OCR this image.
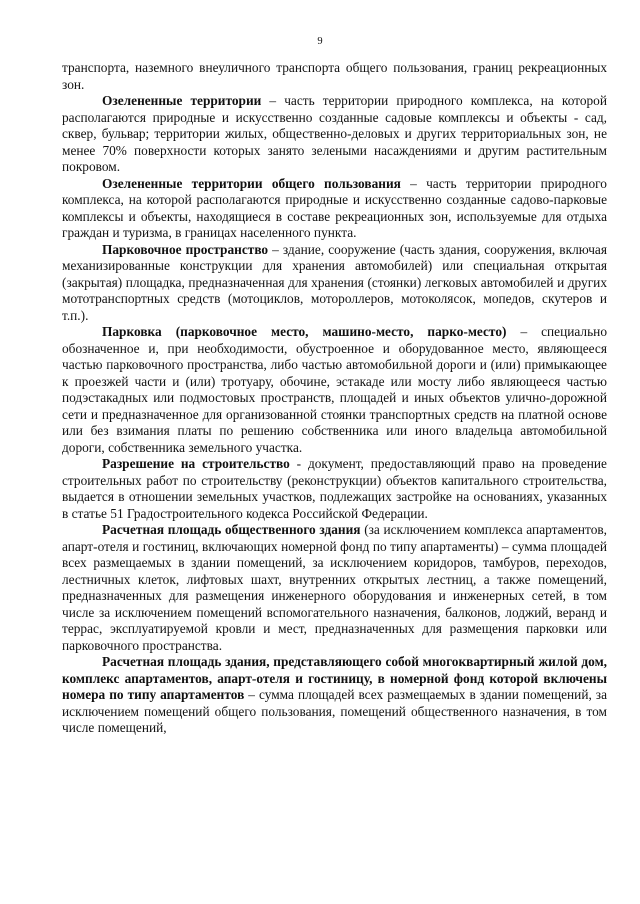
9

транспорта, наземного внеуличного транспорта общего пользования, границ рекреационных зон.

Озелененные территории – часть территории природного комплекса, на которой располагаются природные и искусственно созданные садовые комплексы и объекты - сад, сквер, бульвар; территории жилых, общественно-деловых и других территориальных зон, не менее 70% поверхности которых занято зелеными насаждениями и другим растительным покровом.

Озелененные территории общего пользования – часть территории природного комплекса, на которой располагаются природные и искусственно созданные садово-парковые комплексы и объекты, находящиеся в составе рекреационных зон, используемые для отдыха граждан и туризма, в границах населенного пункта.

Парковочное пространство – здание, сооружение (часть здания, сооружения, включая механизированные конструкции для хранения автомобилей) или специальная открытая (закрытая) площадка, предназначенная для хранения (стоянки) легковых автомобилей и других мототранспортных средств (мотоциклов, мотороллеров, мотоколясок, мопедов, скутеров и т.п.).

Парковка (парковочное место, машино-место, парко-место) – специально обозначенное и, при необходимости, обустроенное и оборудованное место, являющееся частью парковочного пространства, либо частью автомобильной дороги и (или) примыкающее к проезжей части и (или) тротуару, обочине, эстакаде или мосту либо являющееся частью подэстакадных или подмостовых пространств, площадей и иных объектов улично-дорожной сети и предназначенное для организованной стоянки транспортных средств на платной основе или без взимания платы по решению собственника или иного владельца автомобильной дороги, собственника земельного участка.

Разрешение на строительство - документ, предоставляющий право на проведение строительных работ по строительству (реконструкции) объектов капитального строительства, выдается в отношении земельных участков, подлежащих застройке на основаниях, указанных в статье 51 Градостроительного кодекса Российской Федерации.

Расчетная площадь общественного здания (за исключением комплекса апартаментов, апарт-отеля и гостиниц, включающих номерной фонд по типу апартаменты) – сумма площадей всех размещаемых в здании помещений, за исключением коридоров, тамбуров, переходов, лестничных клеток, лифтовых шахт, внутренних открытых лестниц, а также помещений, предназначенных для размещения инженерного оборудования и инженерных сетей, в том числе за исключением помещений вспомогательного назначения, балконов, лоджий, веранд и террас, эксплуатируемой кровли и мест, предназначенных для размещения парковки или парковочного пространства.

Расчетная площадь здания, представляющего собой многоквартирный жилой дом, комплекс апартаментов, апарт-отеля и гостиницу, в номерной фонд которой включены номера по типу апартаментов – сумма площадей всех размещаемых в здании помещений, за исключением помещений общего пользования, помещений общественного назначения, в том числе помещений,
